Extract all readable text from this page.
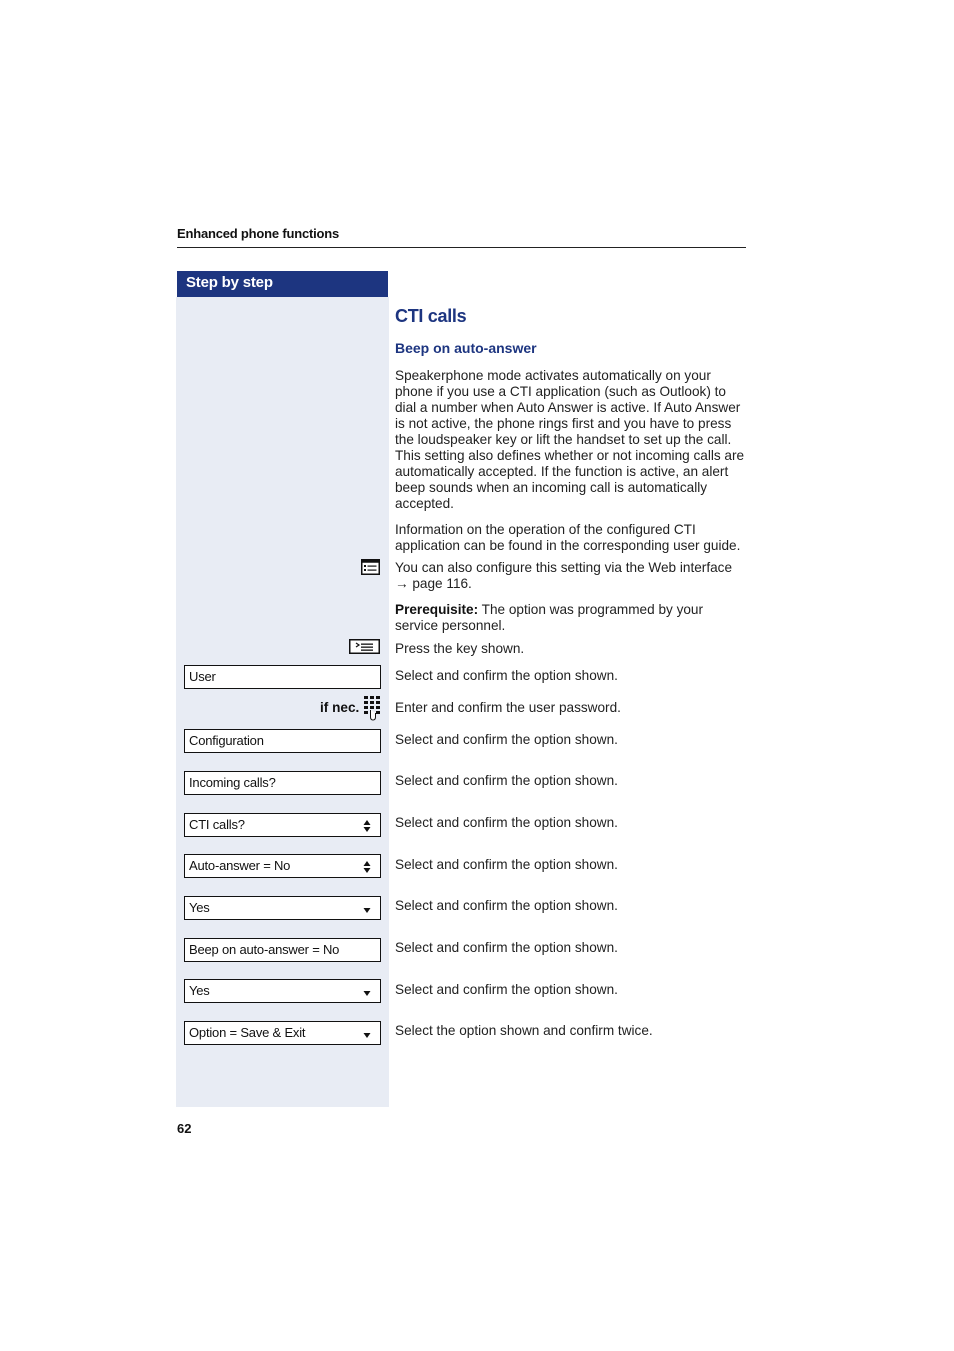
Enhanced phone functions
Step by step
CTI calls
Beep on auto-answer
Speakerphone mode activates automatically on your phone if you use a CTI application (such as Outlook) to dial a number when Auto Answer is active. If Auto Answer is not active, the phone rings first and you have to press the loudspeaker key or lift the handset to set up the call. This setting also defines whether or not incoming calls are automatically accepted. If the function is active, an alert beep sounds when an incoming call is automatically accepted.
Information on the operation of the configured CTI application can be found in the corresponding user guide.
You can also configure this setting via the Web interface
→ page 116.
Prerequisite: The option was programmed by your service personnel.
Press the key shown.
User	Select and confirm the option shown.
if nec.	Enter and confirm the user password.
Configuration	Select and confirm the option shown.
Incoming calls?	Select and confirm the option shown.
CTI calls?	Select and confirm the option shown.
Auto-answer = No	Select and confirm the option shown.
Yes	Select and confirm the option shown.
Beep on auto-answer = No	Select and confirm the option shown.
Yes	Select and confirm the option shown.
Option = Save & Exit	Select the option shown and confirm twice.
62
